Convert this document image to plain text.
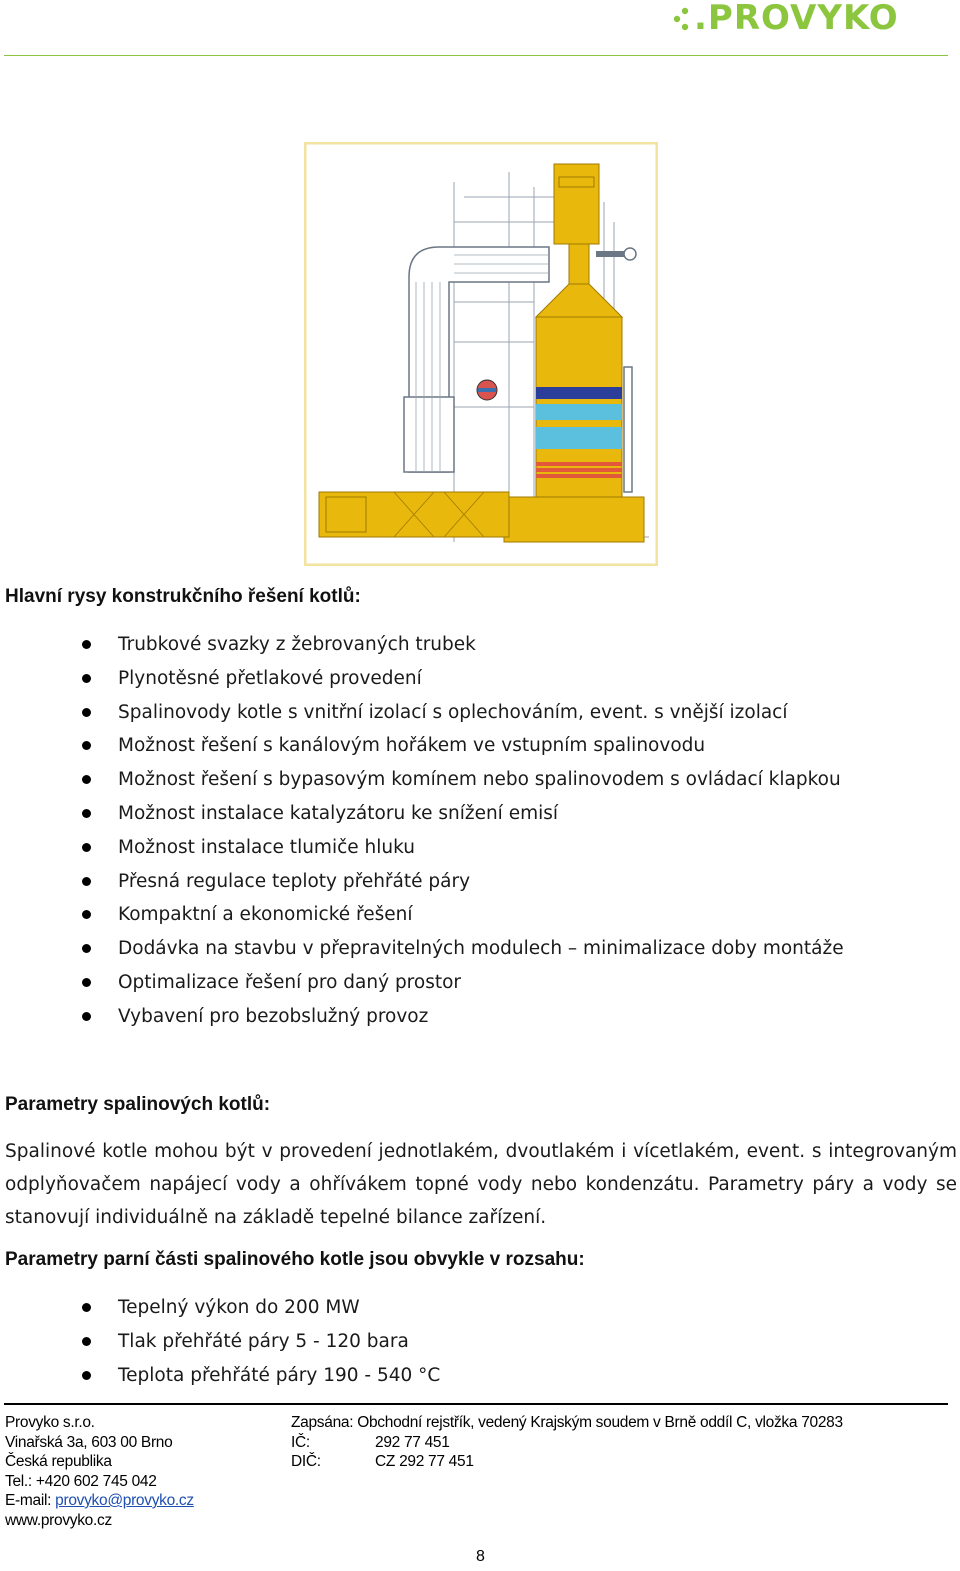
.PROVYKO
Hlavní rysy konstrukčního řešení kotlů:
Trubkové svazky z žebrovaných trubek
Plynotěsné přetlakové provedení
Spalinovody kotle s vnitřní izolací s oplechováním, event. s vnější izolací
Možnost řešení s kanálovým hořákem ve vstupním spalinovodu
Možnost řešení s bypasovým komínem nebo spalinovodem s ovládací klapkou
Možnost instalace katalyzátoru ke snížení emisí
Možnost instalace tlumiče hluku
Přesná regulace teploty přehřáté páry
Kompaktní a ekonomické řešení
Dodávka na stavbu v přepravitelných modulech – minimalizace doby montáže
Optimalizace řešení pro daný prostor
Vybavení pro bezobslužný provoz
Parametry spalinových kotlů:
Spalinové kotle mohou být v provedení jednotlakém, dvoutlakém i vícetlakém, event. s integrovaným odplyňovačem napájecí vody a ohřívákem topné vody nebo kondenzátu. Parametry páry a vody se stanovují individuálně na základě tepelné bilance zařízení.
Parametry parní části spalinového kotle jsou obvykle v rozsahu:
Tepelný výkon do 200 MW
Tlak přehřáté páry 5 - 120 bara
Teplota přehřáté páry 190 - 540 °C
Provyko s.r.o.
Vinařská 3a, 603 00 Brno
Česká republika
Tel.: +420 602 745 042
E-mail: provyko@provyko.cz
www.provyko.cz
Zapsána: Obchodní rejstřík, vedený Krajským soudem v Brně oddíl C, vložka 70283
IČ:	292 77 451
DIČ:	CZ 292 77 451
8
